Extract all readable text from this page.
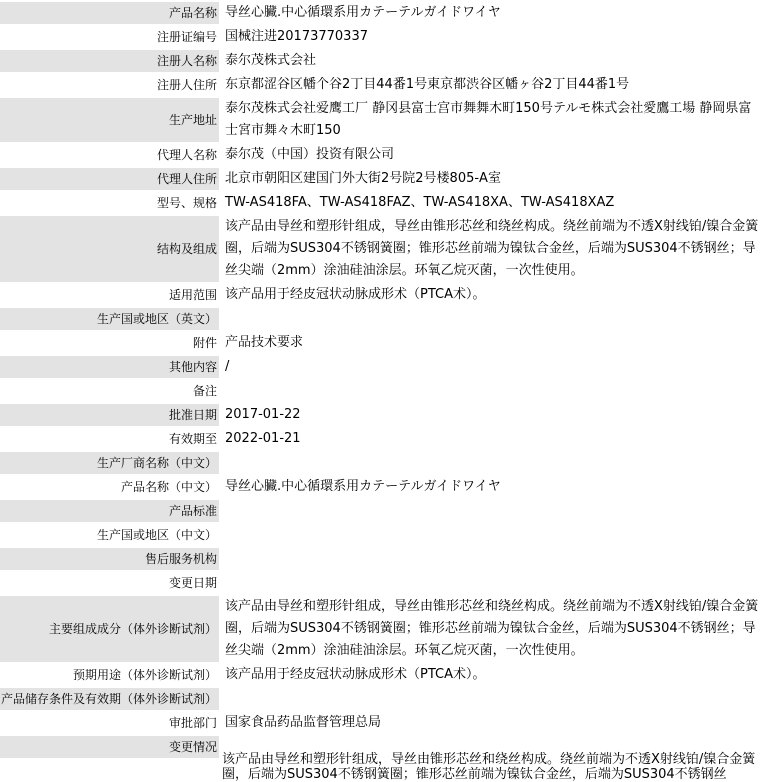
产品名称 导丝心臟.中心循環系用カテーテルガイドワイヤ
注册证编号 国械注进20173770337
注册人名称 泰尔茂株式会社
注册人住所 东京都涩谷区幡个谷2丁目44番1号東京都渋谷区幡ヶ谷2丁目44番1号
生产地址
泰尔茂株式会社爱鹰工厂 静冈县富士宫市舞舞木町150号テルモ株式会社愛鷹工場 静岡県富士宮市舞々木町150
代理人名称 泰尔茂（中国）投资有限公司
代理人住所 北京市朝阳区建国门外大街2号院2号楼805-A室
型号、规格 TW-AS418FA、TW-AS418FAZ、TW-AS418XA、TW-AS418XAZ
结构及组成
该产品由导丝和塑形针组成，导丝由锥形芯丝和绕丝构成。绕丝前端为不透X射线铂/镍合金簧圈，后端为SUS304不锈钢簧圈；锥形芯丝前端为镍钛合金丝，后端为SUS304不锈钢丝；导丝尖端（2mm）涂油硅油涂层。环氧乙烷灭菌，一次性使用。
适用范围 该产品用于经皮冠状动脉成形术（PTCA术）。
生产国或地区（英文）
附件 产品技术要求
其他内容 /
备注
批准日期 2017-01-22
有效期至 2022-01-21
生产厂商名称（中文）
产品名称（中文） 导丝心臟.中心循環系用カテーテルガイドワイヤ
产品标准
生产国或地区（中文）
售后服务机构
变更日期
主要组成成分（体外诊断试剂）
该产品由导丝和塑形针组成，导丝由锥形芯丝和绕丝构成。绕丝前端为不透X射线铂/镍合金簧圈，后端为SUS304不锈钢簧圈；锥形芯丝前端为镍钛合金丝，后端为SUS304不锈钢丝；导丝尖端（2mm）涂油硅油涂层。环氧乙烷灭菌，一次性使用。
预期用途（体外诊断试剂） 该产品用于经皮冠状动脉成形术（PTCA术）。
产品储存条件及有效期（体外诊断试剂）
审批部门 国家食品药品监督管理总局
变更情况
该产品由导丝和塑形针组成，导丝由锥形芯丝和绕丝构成。绕丝前端为不透X射线铂/镍合金簧圈，后端为SUS304不锈钢簧圈；锥形芯丝前端为镍钛合金丝，后端为SUS304不锈钢丝
